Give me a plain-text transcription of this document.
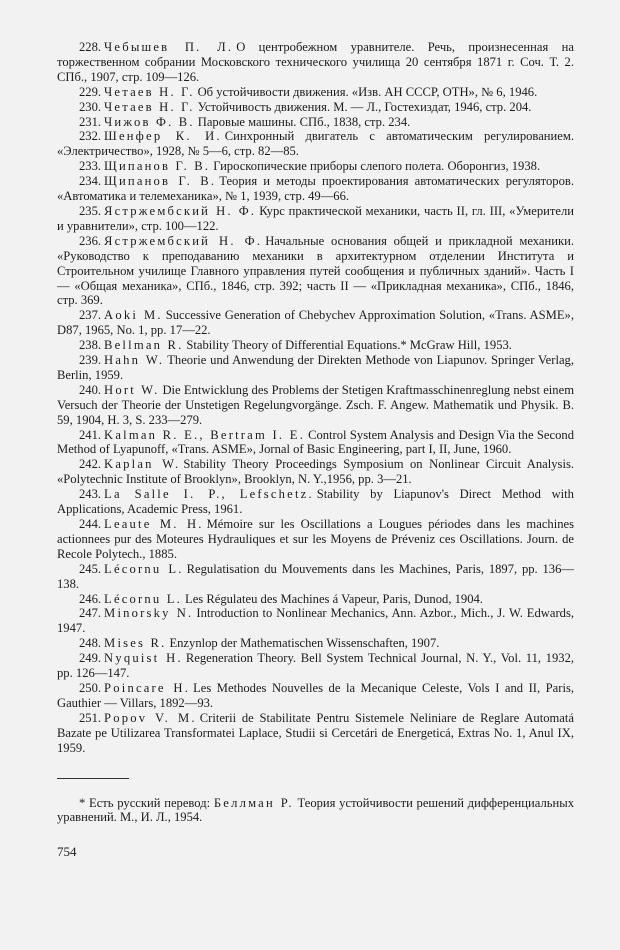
228. Чебышев П. Л. О центробежном уравнителе. Речь, произнесенная на торжественном собрании Московского технического училища 20 сентября 1871 г. Соч. Т. 2. СПб., 1907, стр. 109—126.
229. Четаев Н. Г. Об устойчивости движения. «Изв. АН СССР, ОТН», № 6, 1946.
230. Четаев Н. Г. Устойчивость движения. М. — Л., Гостехиздат, 1946, стр. 204.
231. Чижов Ф. В. Паровые машины. СПб., 1838, стр. 234.
232. Шенфер К. И. Синхронный двигатель с автоматическим регулированием. «Электричество», 1928, № 5—6, стр. 82—85.
233. Щипанов Г. В. Гироскопические приборы слепого полета. Оборонгиз, 1938.
234. Щипанов Г. В. Теория и методы проектирования автоматических регуляторов. «Автоматика и телемеханика», № 1, 1939, стр. 49—66.
235. Ястржембский Н. Ф. Курс практической механики, часть II, гл. III, «Умерители и уравнители», стр. 100—122.
236. Ястржембский Н. Ф. Начальные основания общей и прикладной механики. «Руководство к преподаванию механики в архитектурном отделении Института и Строительном училище Главного управления путей сообщения и публичных зданий». Часть I — «Общая механика», СПб., 1846, стр. 392; часть II — «Прикладная механика», СПб., 1846, стр. 369.
237. Aoki M. Successive Generation of Chebychev Approximation Solution, «Trans. ASME», D87, 1965, No. 1, pp. 17—22.
238. Bellman R. Stability Theory of Differential Equations.* McGraw Hill, 1953.
239. Hahn W. Theorie und Anwendung der Direkten Methode von Liapunov. Springer Verlag, Berlin, 1959.
240. Hort W. Die Entwicklung des Problems der Stetigen Kraftmasschinenreglung nebst einem Versuch der Theorie der Unstetigen Regelungvorgänge. Zsch. F. Angew. Mathematik und Physik. B. 59, 1904, H. 3, S. 233—279.
241. Kalman R. E., Bertram I. E. Control System Analysis and Design Via the Second Method of Lyapunoff, «Trans. ASME», Jornal of Basic Engineering, part I, II, June, 1960.
242. Kaplan W. Stability Theory Proceedings Symposium on Nonlinear Circuit Analysis. «Polytechnic Institute of Brooklyn», Brooklyn, N. Y.,1956, pp. 3—21.
243. La Salle I. P., Lefschetz. Stability by Liapunov's Direct Method with Applications, Academic Press, 1961.
244. Leaute M. H. Mémoire sur les Oscillations a Lougues périodes dans les machines actionnees pur des Moteures Hydrauliques et sur les Moyens de Préveniz ces Oscillations. Journ. de Recole Polytech., 1885.
245. Lécornu L. Regulatisation du Mouvements dans les Machines, Paris, 1897, pp. 136—138.
246. Lécornu L. Les Régulateu des Machines á Vapeur, Paris, Dunod, 1904.
247. Minorsky N. Introduction to Nonlinear Mechanics, Ann. Azbor., Mich., J. W. Edwards, 1947.
248. Mises R. Enzynlop der Mathematischen Wissenschaften, 1907.
249. Nyquist H. Regeneration Theory. Bell System Technical Journal, N. Y., Vol. 11, 1932, pp. 126—147.
250. Poincare H. Les Methodes Nouvelles de la Mecanique Celeste, Vols I and II, Paris, Gauthier — Villars, 1892—93.
251. Popov V. M. Criterii de Stabilitate Pentru Sistemele Neliniare de Reglare Automatá Bazate pe Utilizarea Transformatei Laplace, Studii si Cercetári de Energeticá, Extras No. 1, Anul IX, 1959.

* Есть русский перевод: Беллман Р. Теория устойчивости решений дифференциальных уравнений. М., И. Л., 1954.

754
